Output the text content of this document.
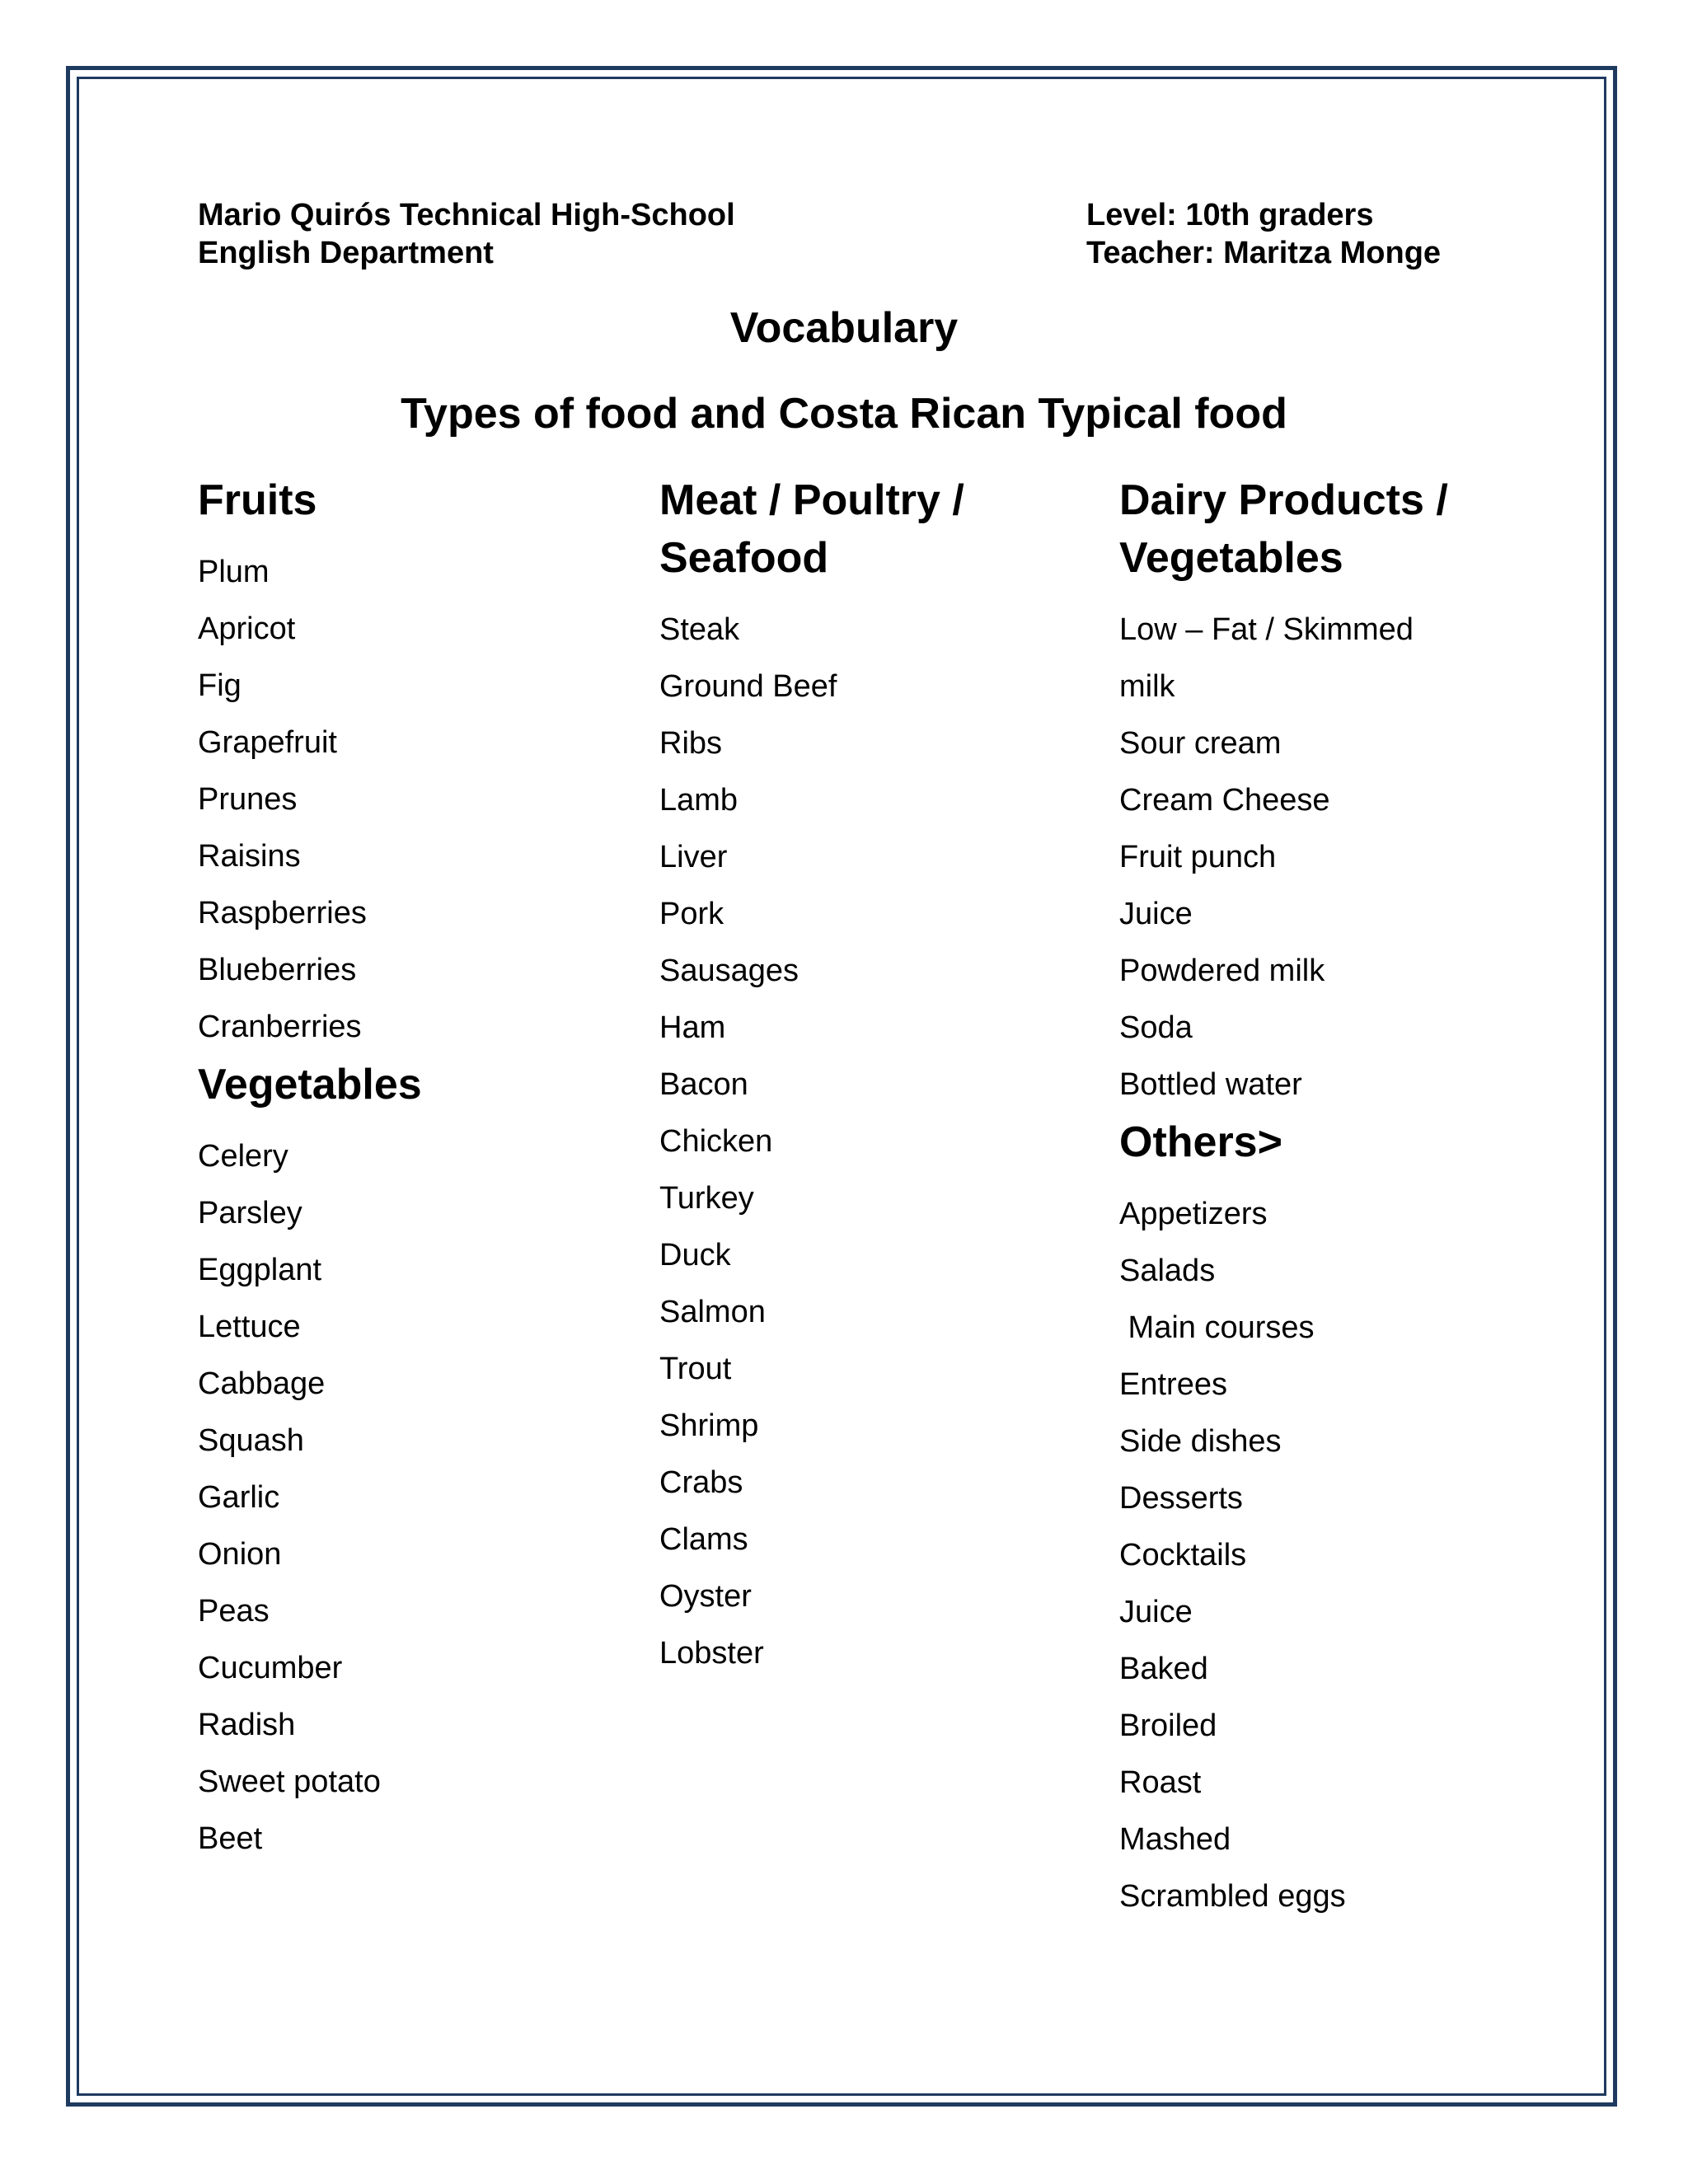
Mario Quirós Technical High-School
English Department
Level: 10th graders
Teacher: Maritza Monge
Vocabulary
Types of food and Costa Rican Typical food
Fruits
Plum
Apricot
Fig
Grapefruit
Prunes
Raisins
Raspberries
Blueberries
Cranberries
Vegetables
Celery
Parsley
Eggplant
Lettuce
Cabbage
Squash
Garlic
Onion
Peas
Cucumber
Radish
Sweet potato
Beet
Meat / Poultry /
Seafood
Steak
Ground Beef
Ribs
Lamb
Liver
Pork
Sausages
Ham
Bacon
Chicken
Turkey
Duck
Salmon
Trout
Shrimp
Crabs
Clams
Oyster
Lobster
Dairy Products /
Vegetables
Low – Fat / Skimmed
milk
Sour cream
Cream Cheese
Fruit punch
Juice
Powdered milk
Soda
Bottled water
Others>
Appetizers
Salads
Main courses
Entrees
Side dishes
Desserts
Cocktails
Juice
Baked
Broiled
Roast
Mashed
Scrambled eggs
